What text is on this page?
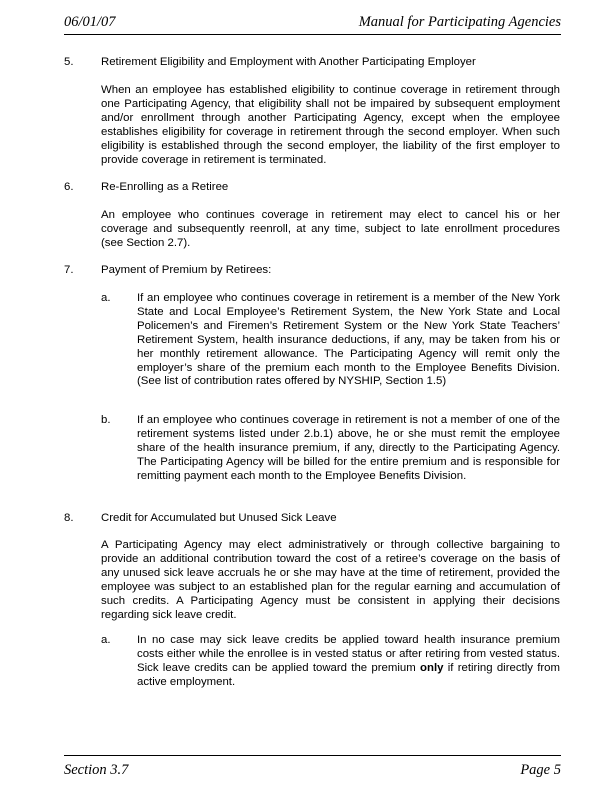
06/01/07	Manual for Participating Agencies
5. Retirement Eligibility and Employment with Another Participating Employer

When an employee has established eligibility to continue coverage in retirement through one Participating Agency, that eligibility shall not be impaired by subsequent employment and/or enrollment through another Participating Agency, except when the employee establishes eligibility for coverage in retirement through the second employer. When such eligibility is established through the second employer, the liability of the first employer to provide coverage in retirement is terminated.

6. Re-Enrolling as a Retiree

An employee who continues coverage in retirement may elect to cancel his or her coverage and subsequently reenroll, at any time, subject to late enrollment procedures (see Section 2.7).

7. Payment of Premium by Retirees:
a. If an employee who continues coverage in retirement is a member of the New York State and Local Employee’s Retirement System, the New York State and Local Policemen’s and Firemen’s Retirement System or the New York State Teachers’ Retirement System, health insurance deductions, if any, may be taken from his or her monthly retirement allowance. The Participating Agency will remit only the employer’s share of the premium each month to the Employee Benefits Division. (See list of contribution rates offered by NYSHIP, Section 1.5)

b. If an employee who continues coverage in retirement is not a member of one of the retirement systems listed under 2.b.1) above, he or she must remit the employee share of the health insurance premium, if any, directly to the Participating Agency. The Participating Agency will be billed for the entire premium and is responsible for remitting payment each month to the Employee Benefits Division.

8. Credit for Accumulated but Unused Sick Leave

A Participating Agency may elect administratively or through collective bargaining to provide an additional contribution toward the cost of a retiree’s coverage on the basis of any unused sick leave accruals he or she may have at the time of retirement, provided the employee was subject to an established plan for the regular earning and accumulation of such credits. A Participating Agency must be consistent in applying their decisions regarding sick leave credit.

a. In no case may sick leave credits be applied toward health insurance premium costs either while the enrollee is in vested status or after retiring from vested status. Sick leave credits can be applied toward the premium only if retiring directly from active employment.

Section 3.7	Page 5
